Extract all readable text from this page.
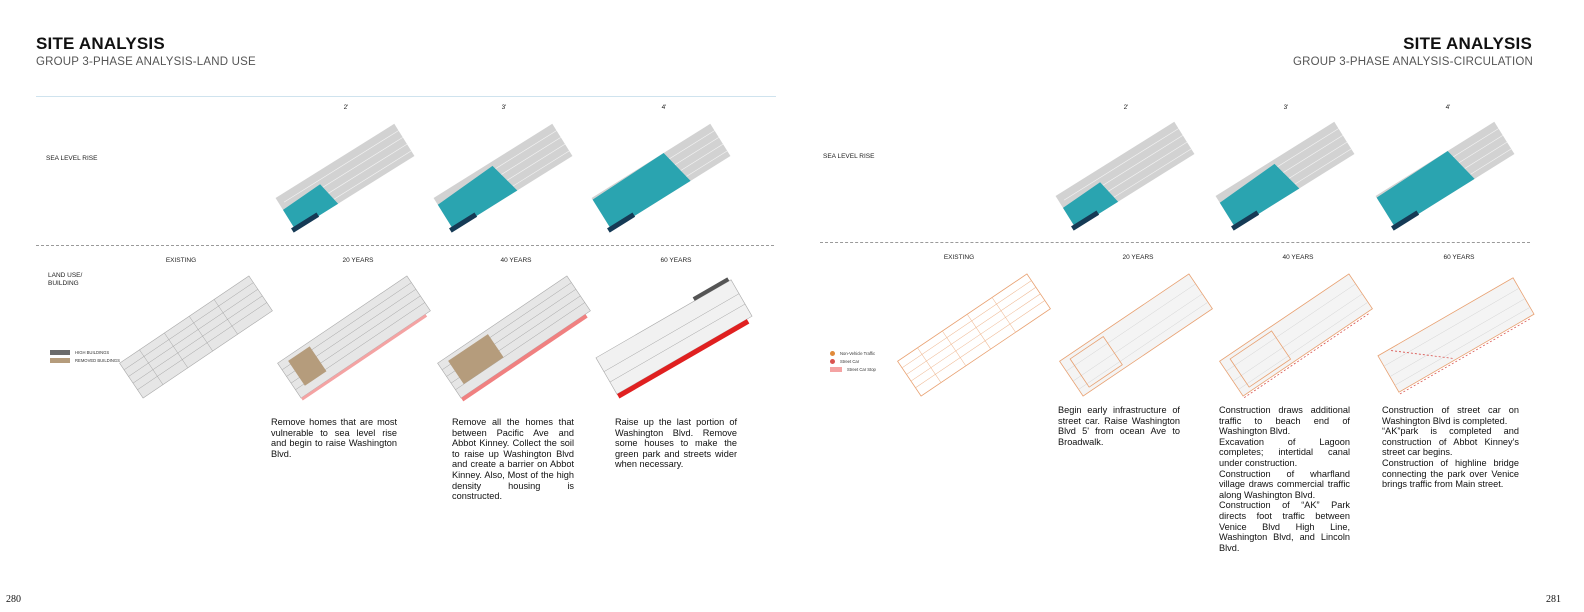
SITE ANALYSIS
GROUP 3-PHASE ANALYSIS-LAND USE
SEA LEVEL RISE
2'	3'	4'
LAND USE/
BUILDING
EXISTING	20 YEARS	40 YEARS	60 YEARS
HIGH BUILDINGS
REMOVED BUILDINGS
Remove homes that are most vulnerable to sea level rise and begin to raise Washington Blvd.
Remove all the homes that between Pacific Ave and Abbot Kinney. Collect the soil to raise up Washington Blvd and create a barrier on Abbot Kinney. Also, Most of the high density housing is constructed.
Raise up the last portion of Washington Blvd. Remove some houses to make the green park and streets wider when necessary.
280
SITE ANALYSIS
GROUP 3-PHASE ANALYSIS-CIRCULATION
SEA LEVEL RISE
2'	3'	4'
EXISTING	20 YEARS	40 YEARS	60 YEARS
Non-Vehicle Traffic
Street Car
Street Car Stop
Begin early infrastructure of street car. Raise Washington Blvd 5' from ocean Ave to Broadwalk.

Construction draws additional traffic to beach end of Washington Blvd.

Excavation of Lagoon completes; intertidal canal under construction.

Construction of wharfland village draws commercial traffic along Washington Blvd.

Construction of “AK” Park directs foot traffic between Venice Blvd High Line, Washington Blvd, and Lincoln Blvd.

Construction of street car on Washington Blvd is completed.

“AK”park is completed and construction of Abbot Kinney's street car begins.

Construction of highline bridge connecting the park over Venice brings traffic from Main street.

281
